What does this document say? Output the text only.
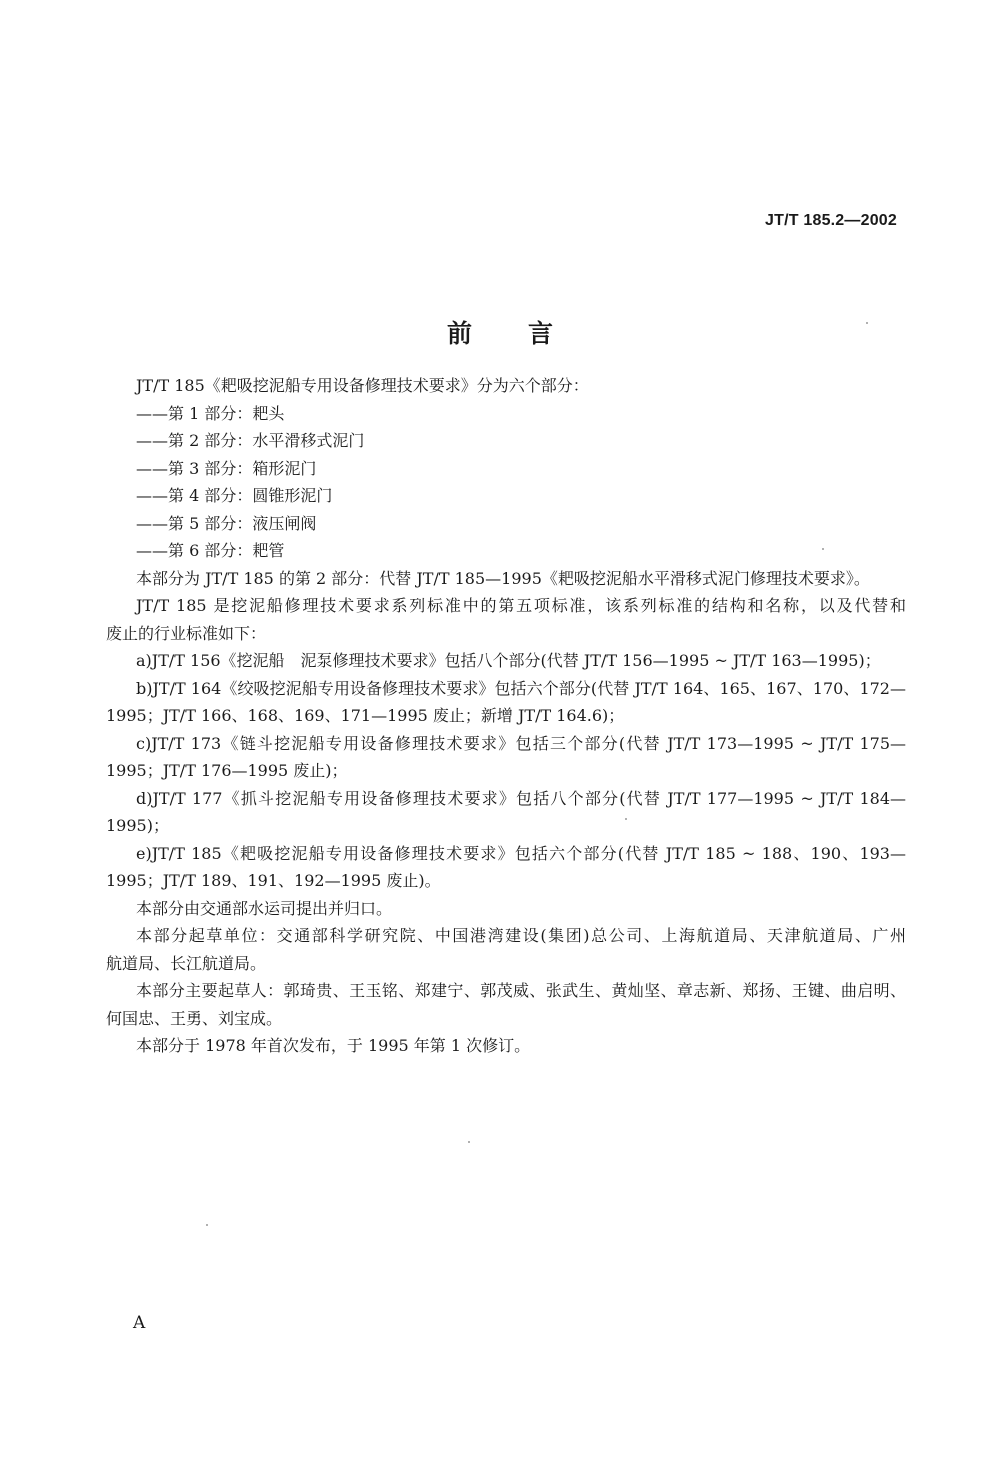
JT/T 185.2—2002
前言

JT/T 185《耙吸挖泥船专用设备修理技术要求》分为六个部分：

——第 1 部分：耙头

——第 2 部分：水平滑移式泥门

——第 3 部分：箱形泥门

——第 4 部分：圆锥形泥门

——第 5 部分：液压闸阀

——第 6 部分：耙管

本部分为 JT/T 185 的第 2 部分：代替 JT/T 185—1995《耙吸挖泥船水平滑移式泥门修理技术要求》。

JT/T 185 是挖泥船修理技术要求系列标准中的第五项标准，该系列标准的结构和名称，以及代替和

废止的行业标准如下：

a)JT/T 156《挖泥船　泥泵修理技术要求》包括八个部分(代替 JT/T 156—1995 ~ JT/T 163—1995)；

b)JT/T 164《绞吸挖泥船专用设备修理技术要求》包括六个部分(代替 JT/T 164、165、167、170、172—

1995；JT/T 166、168、169、171—1995 废止；新增 JT/T 164.6)；

c)JT/T 173《链斗挖泥船专用设备修理技术要求》包括三个部分(代替 JT/T 173—1995 ~ JT/T 175—

1995；JT/T 176—1995 废止)；

d)JT/T 177《抓斗挖泥船专用设备修理技术要求》包括八个部分(代替 JT/T 177—1995 ~ JT/T 184—

1995)；

e)JT/T 185《耙吸挖泥船专用设备修理技术要求》包括六个部分(代替 JT/T 185 ~ 188、190、193—

1995；JT/T 189、191、192—1995 废止)。

本部分由交通部水运司提出并归口。

本部分起草单位：交通部科学研究院、中国港湾建设(集团)总公司、上海航道局、天津航道局、广州

航道局、长江航道局。

本部分主要起草人：郭琦贵、王玉铭、郑建宁、郭茂威、张武生、黄灿坚、章志新、郑扬、王键、曲启明、

何国忠、王勇、刘宝成。

本部分于 1978 年首次发布，于 1995 年第 1 次修订。

A
